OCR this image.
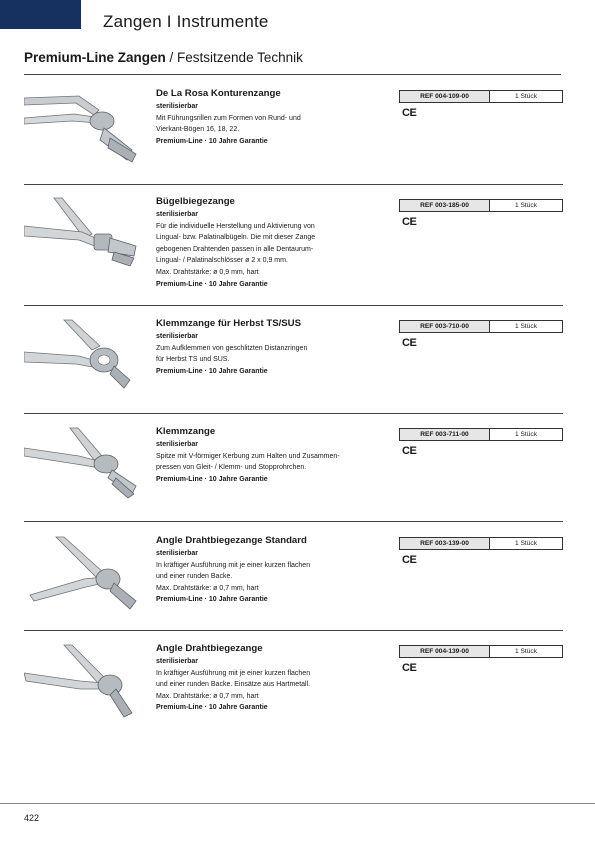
Zangen I Instrumente
Premium-Line Zangen / Festsitzende Technik
De La Rosa Konturenzange
sterilisierbar
Mit Führungsrillen zum Formen von Rund- und
Vierkant-Bögen 16, 18, 22.
Premium-Line · 10 Jahre Garantie
REF 004-109-00	1 Stück
CE
Bügelbiegezange
sterilisierbar
Für die individuelle Herstellung und Aktivierung von
Lingual- bzw. Palatinalbügeln. Die mit dieser Zange
gebogenen Drahtenden passen in alle Dentaurum-
Lingual- / Palatinalschlösser ø 2 x 0,9 mm.
Max. Drahtstärke: ø 0,9 mm, hart
Premium-Line · 10 Jahre Garantie
REF 003-185-00	1 Stück
CE
Klemmzange für Herbst TS/SUS
sterilisierbar
Zum Aufklemmen von geschlitzten Distanzringen
für Herbst TS und SUS.
Premium-Line · 10 Jahre Garantie
REF 003-710-00	1 Stück
CE
Klemmzange
sterilisierbar
Spitze mit V-förmiger Kerbung zum Halten und Zusammen-
pressen von Gleit- / Klemm- und Stopprohrchen.
Premium-Line · 10 Jahre Garantie
REF 003-711-00	1 Stück
CE
Angle Drahtbiegezange Standard
sterilisierbar
In kräftiger Ausführung mit je einer kurzen flachen
und einer runden Backe.
Max. Drahtstärke: ø 0,7 mm, hart
Premium-Line · 10 Jahre Garantie
REF 003-139-00	1 Stück
CE
Angle Drahtbiegezange
sterilisierbar
In kräftiger Ausführung mit je einer kurzen flachen
und einer runden Backe. Einsätze aus Hartmetall.
Max. Drahtstärke: ø 0,7 mm, hart
Premium-Line · 10 Jahre Garantie
REF 004-139-00	1 Stück
CE
422
